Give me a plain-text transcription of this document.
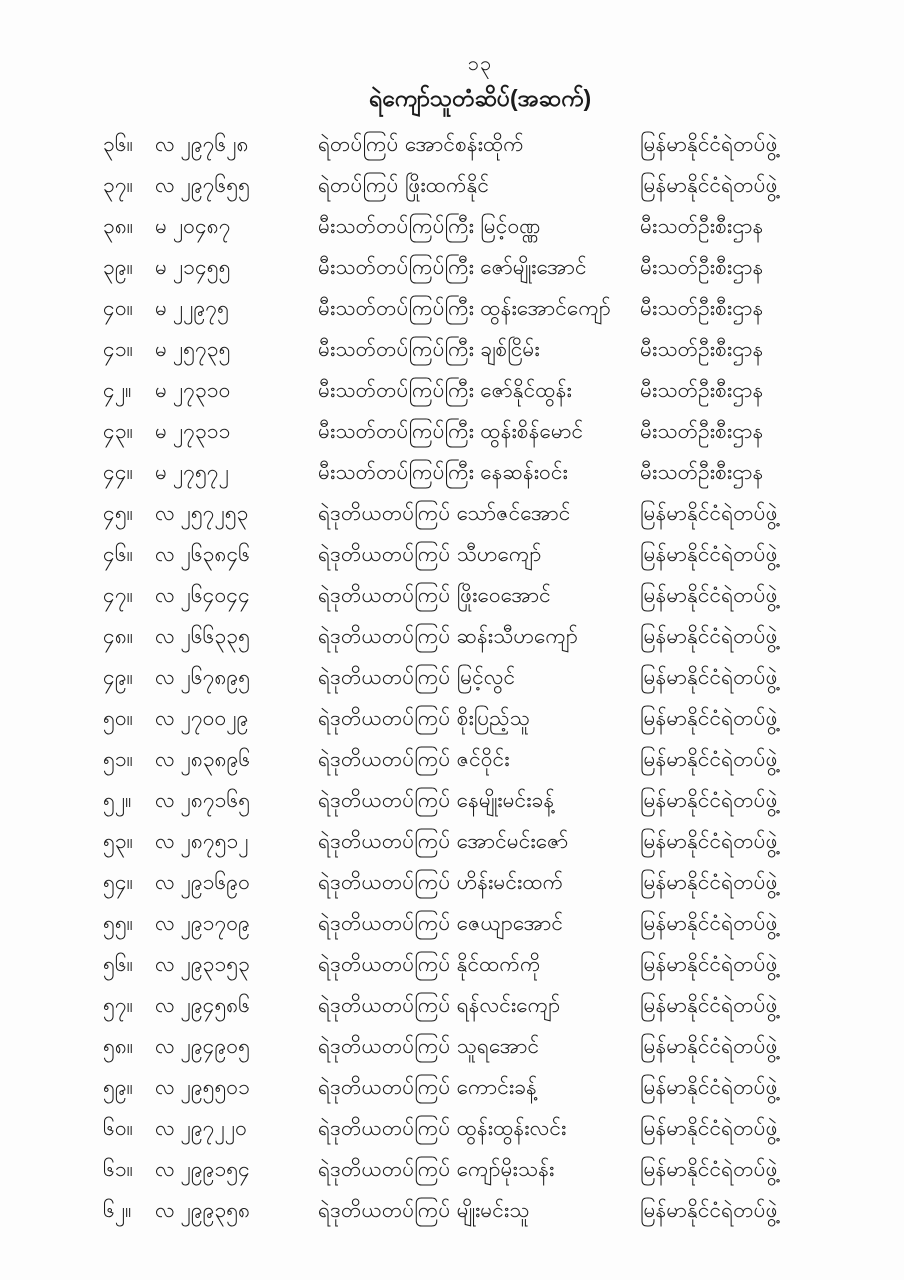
၁၃
ရဲကျော်သူတံဆိပ်(အဆက်)
၃၆။	လ ၂၉၇၆၂၈	ရဲတပ်ကြပ် အောင်စန်းထိုက်	မြန်မာနိုင်ငံရဲတပ်ဖွဲ့
၃၇။	လ ၂၉၇၆၅၅	ရဲတပ်ကြပ် ဖြိုးထက်နိုင်	မြန်မာနိုင်ငံရဲတပ်ဖွဲ့
၃၈။	မ ၂၀၄၈၇	မီးသတ်တပ်ကြပ်ကြီး မြင့်ဝဏ္ဏ	မီးသတ်ဦးစီးဌာန
၃၉။	မ ၂၁၄၅၅	မီးသတ်တပ်ကြပ်ကြီး ဇော်မျိုးအောင်	မီးသတ်ဦးစီးဌာန
၄၀။	မ ၂၂၉၇၅	မီးသတ်တပ်ကြပ်ကြီး ထွန်းအောင်ကျော်	မီးသတ်ဦးစီးဌာန
၄၁။	မ ၂၅၇၃၅	မီးသတ်တပ်ကြပ်ကြီး ချစ်ငြိမ်း	မီးသတ်ဦးစီးဌာန
၄၂။	မ ၂၇၃၁၀	မီးသတ်တပ်ကြပ်ကြီး ဇော်နိုင်ထွန်း	မီးသတ်ဦးစီးဌာန
၄၃။	မ ၂၇၃၁၁	မီးသတ်တပ်ကြပ်ကြီး ထွန်းစိန်မောင်	မီးသတ်ဦးစီးဌာန
၄၄။	မ ၂၇၅၇၂	မီးသတ်တပ်ကြပ်ကြီး နေဆန်းဝင်း	မီးသတ်ဦးစီးဌာန
၄၅။	လ ၂၅၇၂၅၃	ရဲဒုတိယတပ်ကြပ် သော်ဇင်အောင်	မြန်မာနိုင်ငံရဲတပ်ဖွဲ့
၄၆။	လ ၂၆၃၈၄၆	ရဲဒုတိယတပ်ကြပ် သီဟကျော်	မြန်မာနိုင်ငံရဲတပ်ဖွဲ့
၄၇။	လ ၂၆၄၀၄၄	ရဲဒုတိယတပ်ကြပ် ဖြိုးဝေအောင်	မြန်မာနိုင်ငံရဲတပ်ဖွဲ့
၄၈။	လ ၂၆၆၃၃၅	ရဲဒုတိယတပ်ကြပ် ဆန်းသီဟကျော်	မြန်မာနိုင်ငံရဲတပ်ဖွဲ့
၄၉။	လ ၂၆၇၈၉၅	ရဲဒုတိယတပ်ကြပ် မြင့်လွင်	မြန်မာနိုင်ငံရဲတပ်ဖွဲ့
၅၀။	လ ၂၇၀၀၂၉	ရဲဒုတိယတပ်ကြပ် စိုးပြည့်သူ	မြန်မာနိုင်ငံရဲတပ်ဖွဲ့
၅၁။	လ ၂၈၃၈၉၆	ရဲဒုတိယတပ်ကြပ် ဇင်ဝိုင်း	မြန်မာနိုင်ငံရဲတပ်ဖွဲ့
၅၂။	လ ၂၈၇၁၆၅	ရဲဒုတိယတပ်ကြပ် နေမျိုးမင်းခန့်	မြန်မာနိုင်ငံရဲတပ်ဖွဲ့
၅၃။	လ ၂၈၇၅၁၂	ရဲဒုတိယတပ်ကြပ် အောင်မင်းဇော်	မြန်မာနိုင်ငံရဲတပ်ဖွဲ့
၅၄။	လ ၂၉၁၆၉၀	ရဲဒုတိယတပ်ကြပ် ဟိန်းမင်းထက်	မြန်မာနိုင်ငံရဲတပ်ဖွဲ့
၅၅။	လ ၂၉၁၇၀၉	ရဲဒုတိယတပ်ကြပ် ဇေယျာအောင်	မြန်မာနိုင်ငံရဲတပ်ဖွဲ့
၅၆။	လ ၂၉၃၁၅၃	ရဲဒုတိယတပ်ကြပ် နိုင်ထက်ကို	မြန်မာနိုင်ငံရဲတပ်ဖွဲ့
၅၇။	လ ၂၉၄၅၈၆	ရဲဒုတိယတပ်ကြပ် ရန်လင်းကျော်	မြန်မာနိုင်ငံရဲတပ်ဖွဲ့
၅၈။	လ ၂၉၄၉၀၅	ရဲဒုတိယတပ်ကြပ် သူရအောင်	မြန်မာနိုင်ငံရဲတပ်ဖွဲ့
၅၉။	လ ၂၉၅၅၀၁	ရဲဒုတိယတပ်ကြပ် ကောင်းခန့်	မြန်မာနိုင်ငံရဲတပ်ဖွဲ့
၆၀။	လ ၂၉၇၂၂၀	ရဲဒုတိယတပ်ကြပ် ထွန်းထွန်းလင်း	မြန်မာနိုင်ငံရဲတပ်ဖွဲ့
၆၁။	လ ၂၉၉၁၅၄	ရဲဒုတိယတပ်ကြပ် ကျော်မိုးသန်း	မြန်မာနိုင်ငံရဲတပ်ဖွဲ့
၆၂။	လ ၂၉၉၃၅၈	ရဲဒုတိယတပ်ကြပ် မျိုးမင်းသူ	မြန်မာနိုင်ငံရဲတပ်ဖွဲ့
